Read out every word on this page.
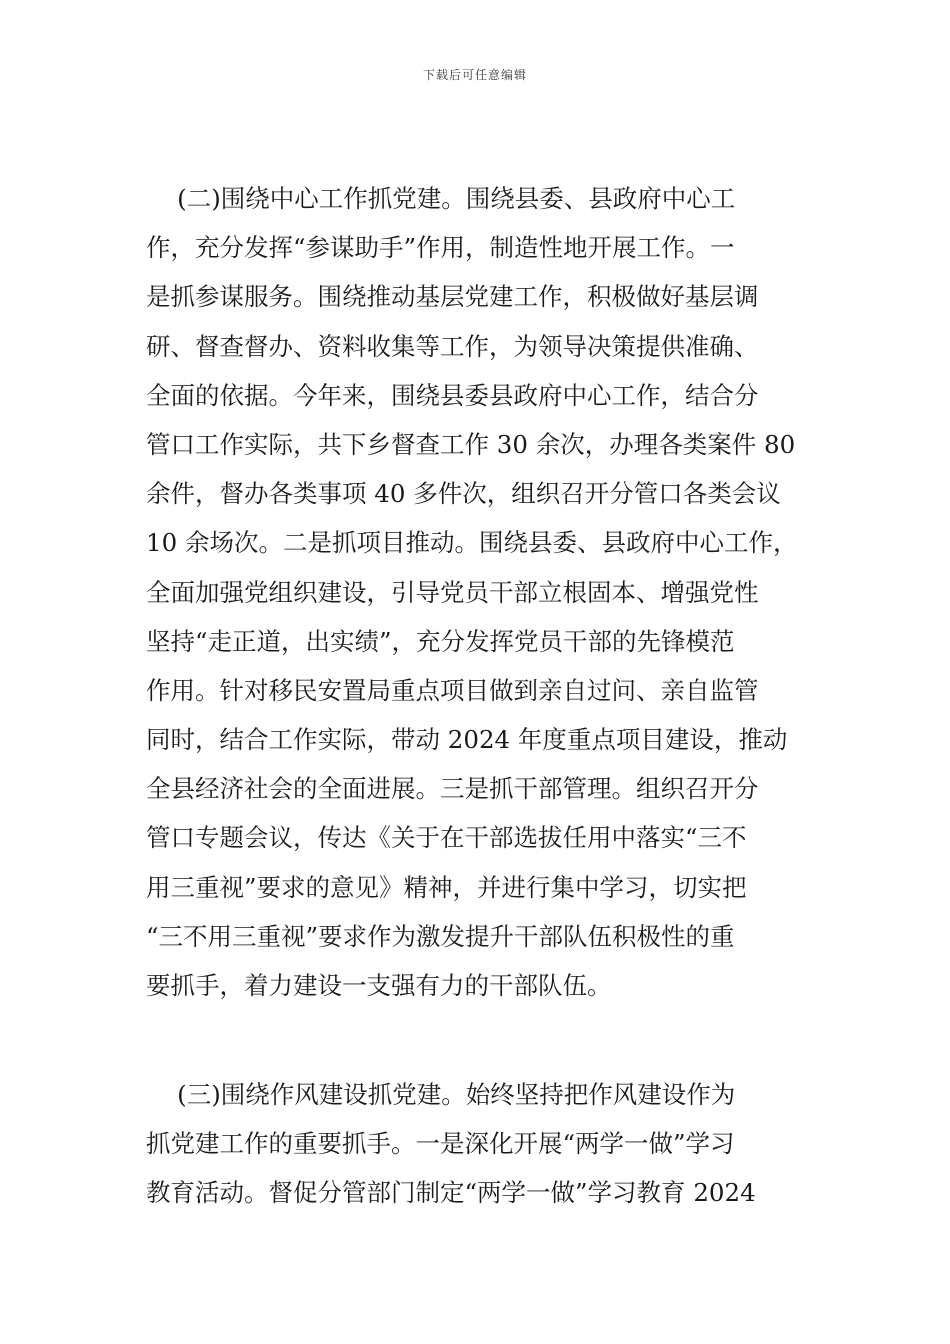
下载后可任意编辑
(二)围绕中心工作抓党建。围绕县委、县政府中心工
作，充分发挥“参谋助手”作用，制造性地开展工作。一
是抓参谋服务。围绕推动基层党建工作，积极做好基层调
研、督查督办、资料收集等工作，为领导决策提供准确、
全面的依据。今年来，围绕县委县政府中心工作，结合分
管口工作实际，共下乡督查工作 30 余次，办理各类案件 80
余件，督办各类事项 40 多件次，组织召开分管口各类会议
10 余场次。二是抓项目推动。围绕县委、县政府中心工作，
全面加强党组织建设，引导党员干部立根固本、增强党性
坚持“走正道，出实绩”，充分发挥党员干部的先锋模范
作用。针对移民安置局重点项目做到亲自过问、亲自监管
同时，结合工作实际，带动 2024 年度重点项目建设，推动
全县经济社会的全面进展。三是抓干部管理。组织召开分
管口专题会议，传达《关于在干部选拔任用中落实“三不
用三重视”要求的意见》精神，并进行集中学习，切实把
“三不用三重视”要求作为激发提升干部队伍积极性的重
要抓手，着力建设一支强有力的干部队伍。
(三)围绕作风建设抓党建。始终坚持把作风建设作为
抓党建工作的重要抓手。一是深化开展“两学一做”学习
教育活动。督促分管部门制定“两学一做”学习教育 2024
